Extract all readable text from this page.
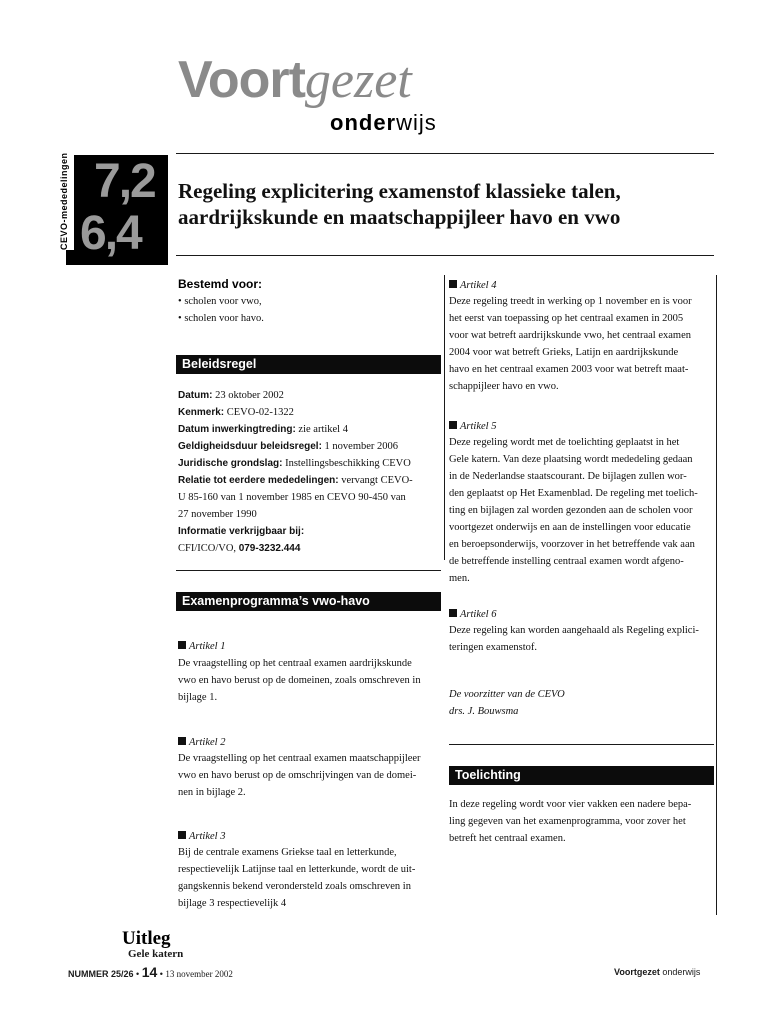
Voortgezet
onderwijs
CEVO-mededelingen 7,2
6,4
Regeling explicitering examenstof klassieke talen,
aardrijkskunde en maatschappijleer havo en vwo
Bestemd voor:
• scholen voor vwo,
• scholen voor havo.
Beleidsregel
Datum: 23 oktober 2002
Kenmerk: CEVO-02-1322
Datum inwerkingtreding: zie artikel 4
Geldigheidsduur beleidsregel: 1 november 2006
Juridische grondslag: Instellingsbeschikking CEVO
Relatie tot eerdere mededelingen: vervangt CEVO-
U 85-160 van 1 november 1985 en CEVO 90-450 van
27 november 1990
Informatie verkrijgbaar bij:
CFI/ICO/VO, 079-3232.444
Examenprogramma’s vwo-havo
Artikel 1
De vraagstelling op het centraal examen aardrijkskunde
vwo en havo berust op de domeinen, zoals omschreven in
bijlage 1.
Artikel 2
De vraagstelling op het centraal examen maatschappijleer
vwo en havo berust op de omschrijvingen van de domei-
nen in bijlage 2.
Artikel 3
Bij de centrale examens Griekse taal en letterkunde,
respectievelijk Latijnse taal en letterkunde, wordt de uit-
gangskennis bekend verondersteld zoals omschreven in
bijlage 3 respectievelijk 4
Artikel 4
Deze regeling treedt in werking op 1 november en is voor
het eerst van toepassing op het centraal examen in 2005
voor wat betreft aardrijkskunde vwo, het centraal examen
2004 voor wat betreft Grieks, Latijn en aardrijkskunde
havo en het centraal examen 2003 voor wat betreft maat-
schappijleer havo en vwo.
Artikel 5
Deze regeling wordt met de toelichting geplaatst in het
Gele katern. Van deze plaatsing wordt mededeling gedaan
in de Nederlandse staatscourant. De bijlagen zullen wor-
den geplaatst op Het Examenblad. De regeling met toelich-
ting en bijlagen zal worden gezonden aan de scholen voor
voortgezet onderwijs en aan de instellingen voor educatie
en beroepsonderwijs, voorzover in het betreffende vak aan
de betreffende instelling centraal examen wordt afgeno-
men.
Artikel 6
Deze regeling kan worden aangehaald als Regeling explici-
teringen examenstof.
De voorzitter van de CEVO
drs. J. Bouwsma
Toelichting
In deze regeling wordt voor vier vakken een nadere bepa-
ling gegeven van het examenprogramma, voor zover het
betreft het centraal examen.
Uitleg
Gele katern
NUMMER 25/26 • 14 • 13 november 2002	Voortgezet onderwijs
